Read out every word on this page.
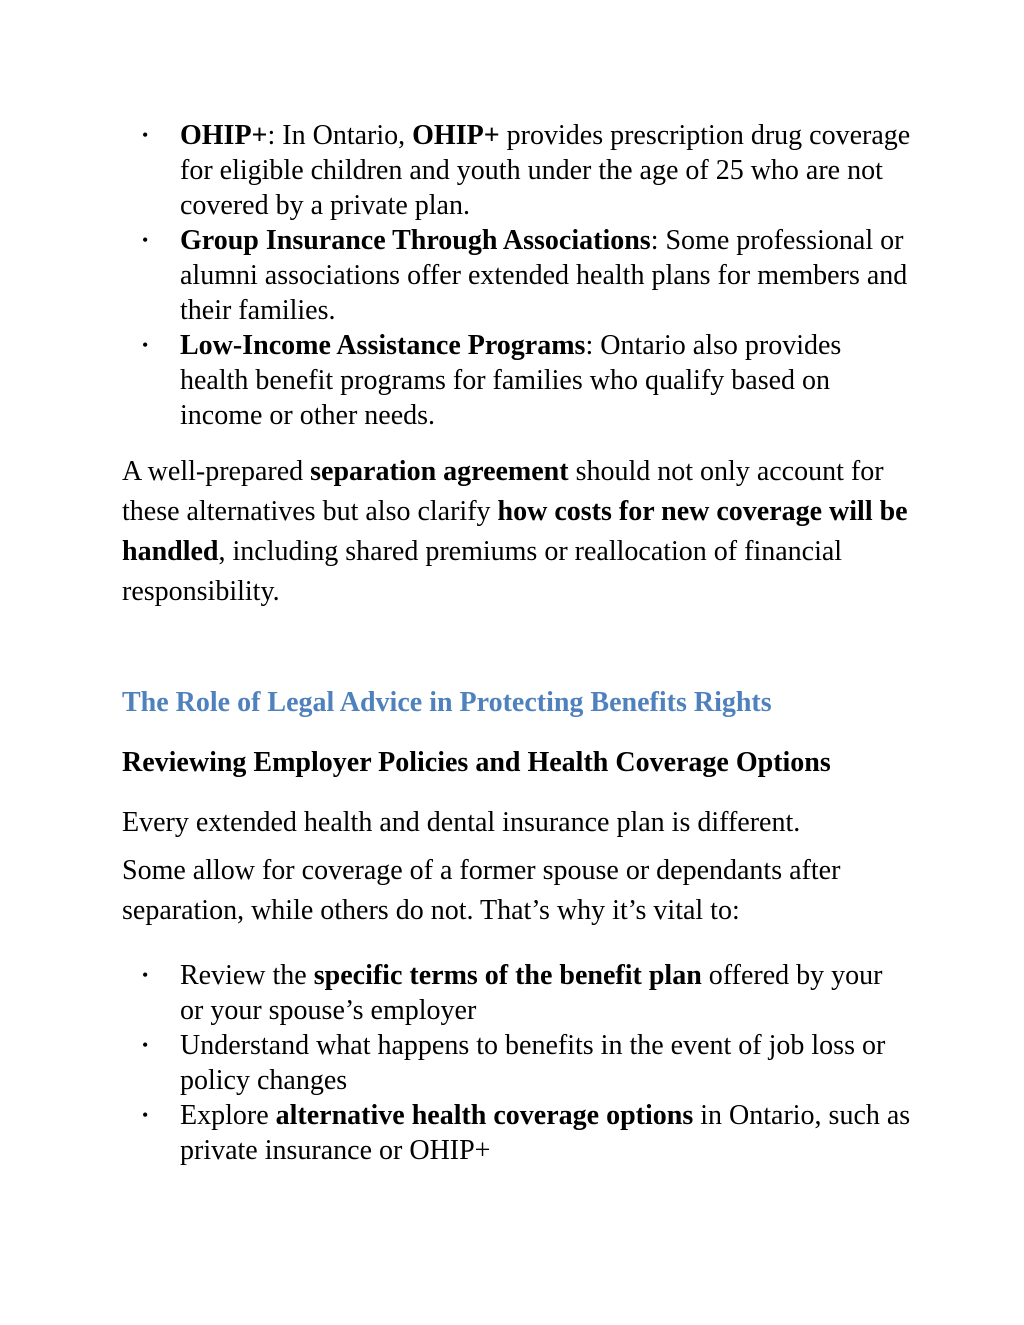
• OHIP+: In Ontario, OHIP+ provides prescription drug coverage for eligible children and youth under the age of 25 who are not covered by a private plan.
• Group Insurance Through Associations: Some professional or alumni associations offer extended health plans for members and their families.
• Low-Income Assistance Programs: Ontario also provides health benefit programs for families who qualify based on income or other needs.

A well-prepared separation agreement should not only account for these alternatives but also clarify how costs for new coverage will be handled, including shared premiums or reallocation of financial responsibility.

The Role of Legal Advice in Protecting Benefits Rights
Reviewing Employer Policies and Health Coverage Options

Every extended health and dental insurance plan is different.

Some allow for coverage of a former spouse or dependants after separation, while others do not. That’s why it’s vital to:

• Review the specific terms of the benefit plan offered by your or your spouse’s employer
• Understand what happens to benefits in the event of job loss or policy changes
• Explore alternative health coverage options in Ontario, such as private insurance or OHIP+
